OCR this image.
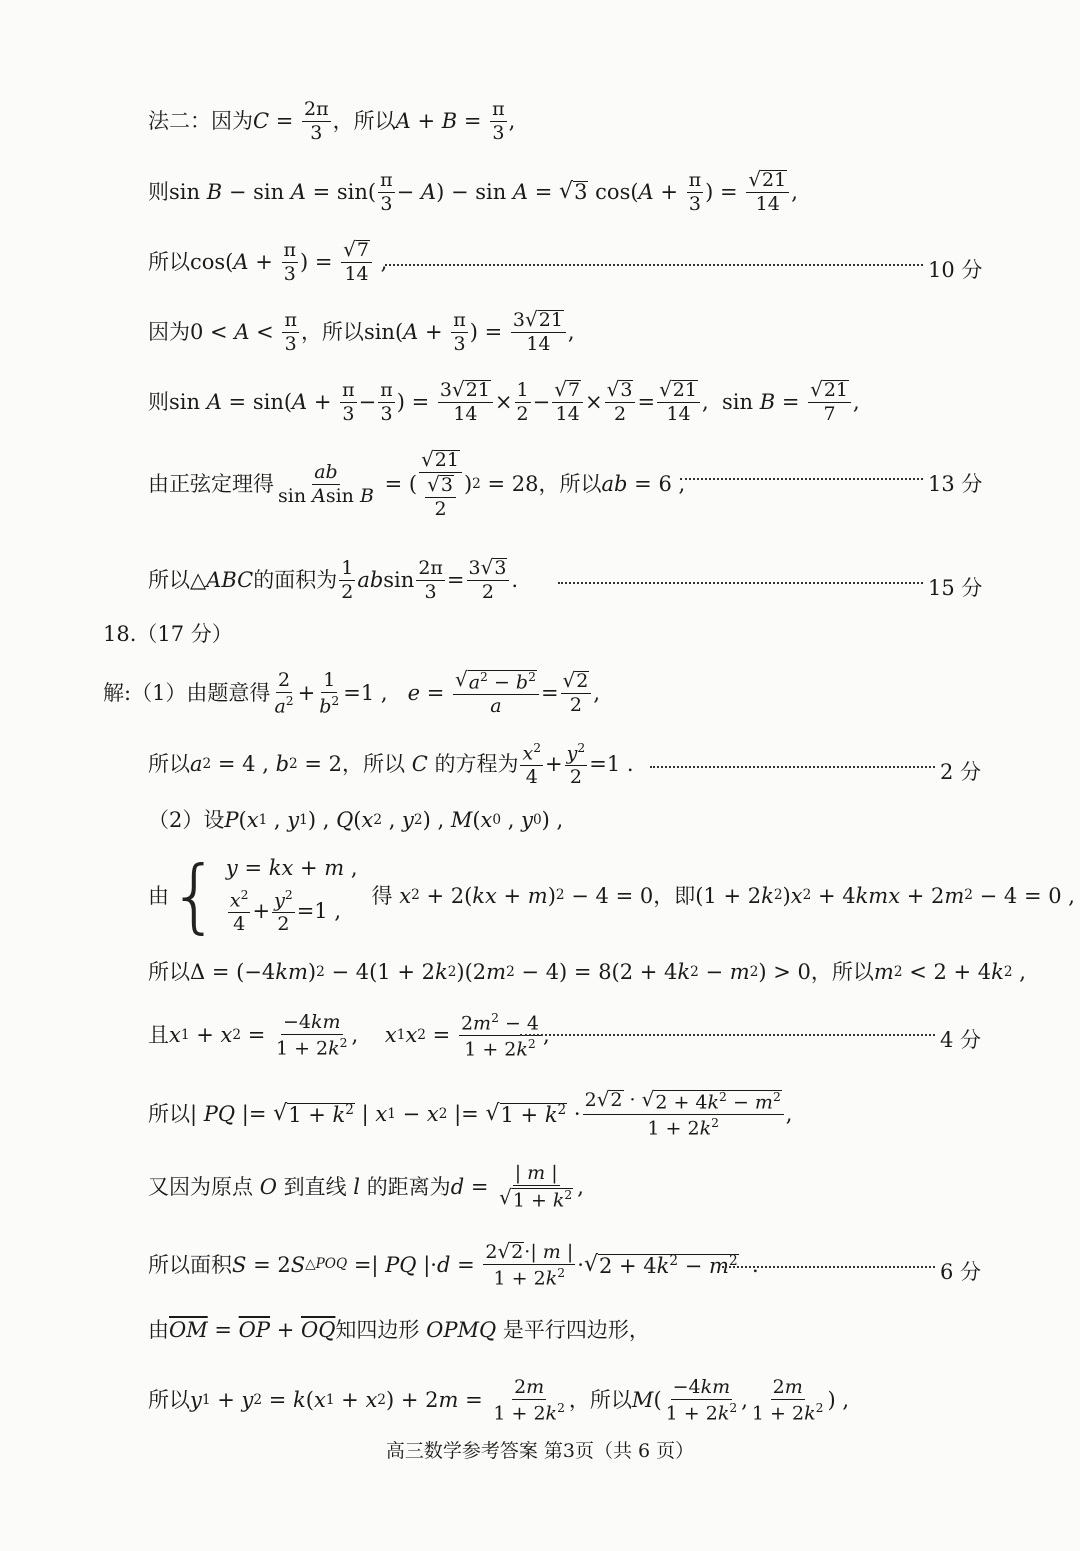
法二：因为 $C = \frac{2\pi}{3}$ ，所以 $A + B = \frac{\pi}{3}$ ,
则 $\sin B - \sin A = \sin( \frac{\pi}{3} - A$ ) − sin A = √ 3 cos( $A + \frac{\pi}{3}$ ) = $\frac{√ 21}{14}$ ,
所以 cos( $A + \frac{\pi}{3}$ ) = $\frac{√ 7}{14}$ ,	10 分
因为 $0 < A < \frac{\pi}{3}$ ，所以 sin( $A + \frac{\pi}{3}$ ) = $\frac{3 √ 21}{14}$ ,
则 sin A = sin( $A + \frac{\pi}{3} - \frac{\pi}{3}$ ) = $\frac{3 √ 21}{14} \times \frac{1}{2} - \frac{√ 7}{14} \times \frac{√ 3}{2} = \frac{√ 21}{14}$ ,  $\sin B = \frac{√ 21}{7}$ ,
由正弦定理得 $\frac{ab}{\text{sin Asin B}}$ = ( $\frac{√ 21}{\frac{√ 3}{2}}$ ) 2 = 28 ，所以 ab = 6 ,	13 分
所以 △ ABC 的面积为 $\frac{1}{2}$ ab $\sin \frac{2\pi}{3} = \frac{3 √ 3}{2}$ .	15 分
18.（17 分）
解:（1）由题意得 $\frac{2}{a^2} + \frac{1}{b^2} =1$ , $e = \frac{√ a^2 - b^2}{a} = \frac{√ 2}{2}$ ,
所以 a 2 = 4 , b 2 = 2 ，所以
C
的方程为 $\frac{x^2}{4} + \frac{y^2}{2} =1$ .	2 分
（2）设 P ( x 1 , y 1 ) , Q ( x 2 , y 2 ) , M ( x 0 , y 0 ) ,
由 { y = kx + m ,
$\frac{x^2}{4} + \frac{y^2}{2} =1$ ,
得
x 2 + 2( kx + m ) 2 − 4 = 0 ，即 (1 + 2 k 2 ) x 2 + 4 kmx + 2 m 2 − 4 = 0 ,
所以 Δ = (−4 km ) 2 − 4(1 + 2 k 2 )(2 m 2 − 4) = 8(2 + 4 k 2 − m 2 ) > 0 ，所以 m 2 < 2 + 4 k 2 ,
且 x 1 + x $2 = \frac{-4km}{1 + 2k^2}$ , x 1 x $2 = \frac{2m^2 - 4}{1 + 2k^2}$ ,	4 分
所以 | PQ |= √ $1 + k^2$ | x 1 − x 2 |= √ $1 + k^2 \cdot \frac{2 √ 2 \cdot √ 2 + 4k^2 - m^2}{1 + 2k^2}$ ,
又因为原点
O
到直线
l
的距离为 $d = \frac{| m |}{√ 1 + k^2}$ ,
所以面积 S = 2 S △POQ =| PQ |· $d = \frac{2 √ 2 \cdot| m |}{1 + 2k^2}$ · √ $2 + 4k^2 - m^2$ .	6 分
由 $\overline{OM} = \overline{OP} + \overline{OQ}$ 知四边形
OPMQ
是平行四边形，
所以 y 1 + y 2 = k ( x 1 + x 2 ) + 2 $m = \frac{2m}{1 + 2k^2}$ ，所以 M ( $\frac{-4km}{1 + 2k^2}$ , $\frac{2m}{1 + 2k^2}$ ) ,
高三数学参考答案 第3页（共 6 页）
